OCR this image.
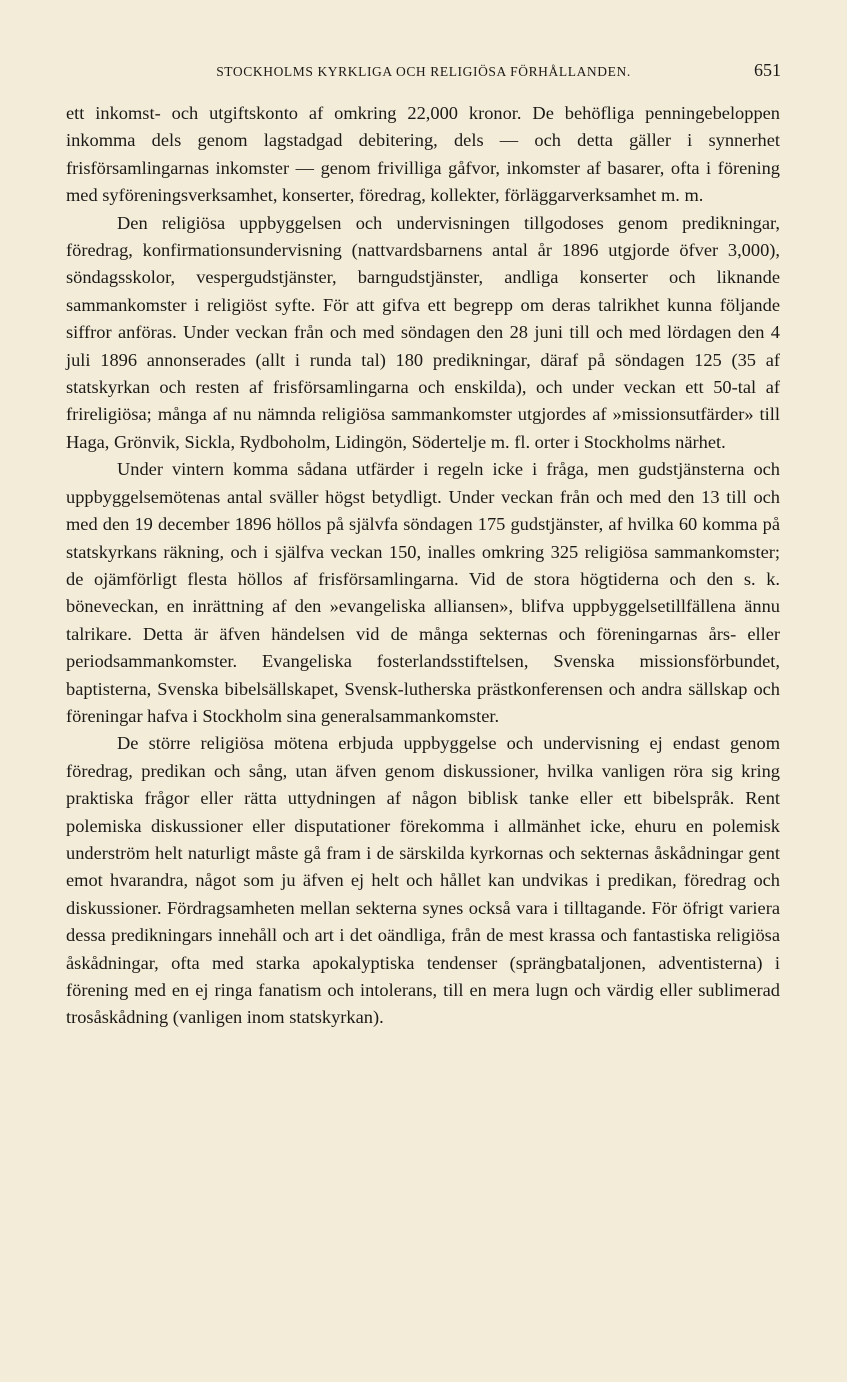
STOCKHOLMS KYRKLIGA OCH RELIGIÖSA FÖRHÅLLANDEN.	651

ett inkomst- och utgiftskonto af omkring 22,000 kronor. De behöfliga penningebeloppen inkomma dels genom lagstadgad debitering, dels — och detta gäller i synnerhet frisförsamlingarnas inkomster — genom frivilliga gåfvor, inkomster af basarer, ofta i förening med syföreningsverksamhet, konserter, föredrag, kollekter, förläggarverksamhet m. m.

Den religiösa uppbyggelsen och undervisningen tillgodoses genom predikningar, föredrag, konfirmationsundervisning (nattvardsbarnens antal år 1896 utgjorde öfver 3,000), söndagsskolor, vespergudstjänster, barngudstjänster, andliga konserter och liknande sammankomster i religiöst syfte. För att gifva ett begrepp om deras talrikhet kunna följande siffror anföras. Under veckan från och med söndagen den 28 juni till och med lördagen den 4 juli 1896 annonserades (allt i runda tal) 180 predikningar, däraf på söndagen 125 (35 af statskyrkan och resten af frisförsamlingarna och enskilda), och under veckan ett 50-tal af frireligiösa; många af nu nämnda religiösa sammankomster utgjordes af »missionsutfärder» till Haga, Grönvik, Sickla, Rydboholm, Lidingön, Södertelje m. fl. orter i Stockholms närhet.

Under vintern komma sådana utfärder i regeln icke i fråga, men gudstjänsterna och uppbyggelsemötenas antal sväller högst betydligt. Under veckan från och med den 13 till och med den 19 december 1896 höllos på självfa söndagen 175 gudstjänster, af hvilka 60 komma på statskyrkans räkning, och i själfva veckan 150, inalles omkring 325 religiösa sammankomster; de ojämförligt flesta höllos af frisförsamlingarna. Vid de stora högtiderna och den s. k. böneveckan, en inrättning af den »evangeliska alliansen», blifva uppbyggelsetillfällena ännu talrikare. Detta är äfven händelsen vid de många sekternas och föreningarnas års- eller periodsammankomster. Evangeliska fosterlandsstiftelsen, Svenska missionsförbundet, baptisterna, Svenska bibelsällskapet, Svensk-lutherska prästkonferensen och andra sällskap och föreningar hafva i Stockholm sina generalsammankomster.

De större religiösa mötena erbjuda uppbyggelse och undervisning ej endast genom föredrag, predikan och sång, utan äfven genom diskussioner, hvilka vanligen röra sig kring praktiska frågor eller rätta uttydningen af någon biblisk tanke eller ett bibelspråk. Rent polemiska diskussioner eller disputationer förekomma i allmänhet icke, ehuru en polemisk underström helt naturligt måste gå fram i de särskilda kyrkornas och sekternas åskådningar gent emot hvarandra, något som ju äfven ej helt och hållet kan undvikas i predikan, föredrag och diskussioner. Fördragsamheten mellan sekterna synes också vara i tilltagande. För öfrigt variera dessa predikningars innehåll och art i det oändliga, från de mest krassa och fantastiska religiösa åskådningar, ofta med starka apokalyptiska tendenser (sprängbataljonen, adventisterna) i förening med en ej ringa fanatism och intolerans, till en mera lugn och värdig eller sublimerad trosåskådning (vanligen inom statskyrkan).
